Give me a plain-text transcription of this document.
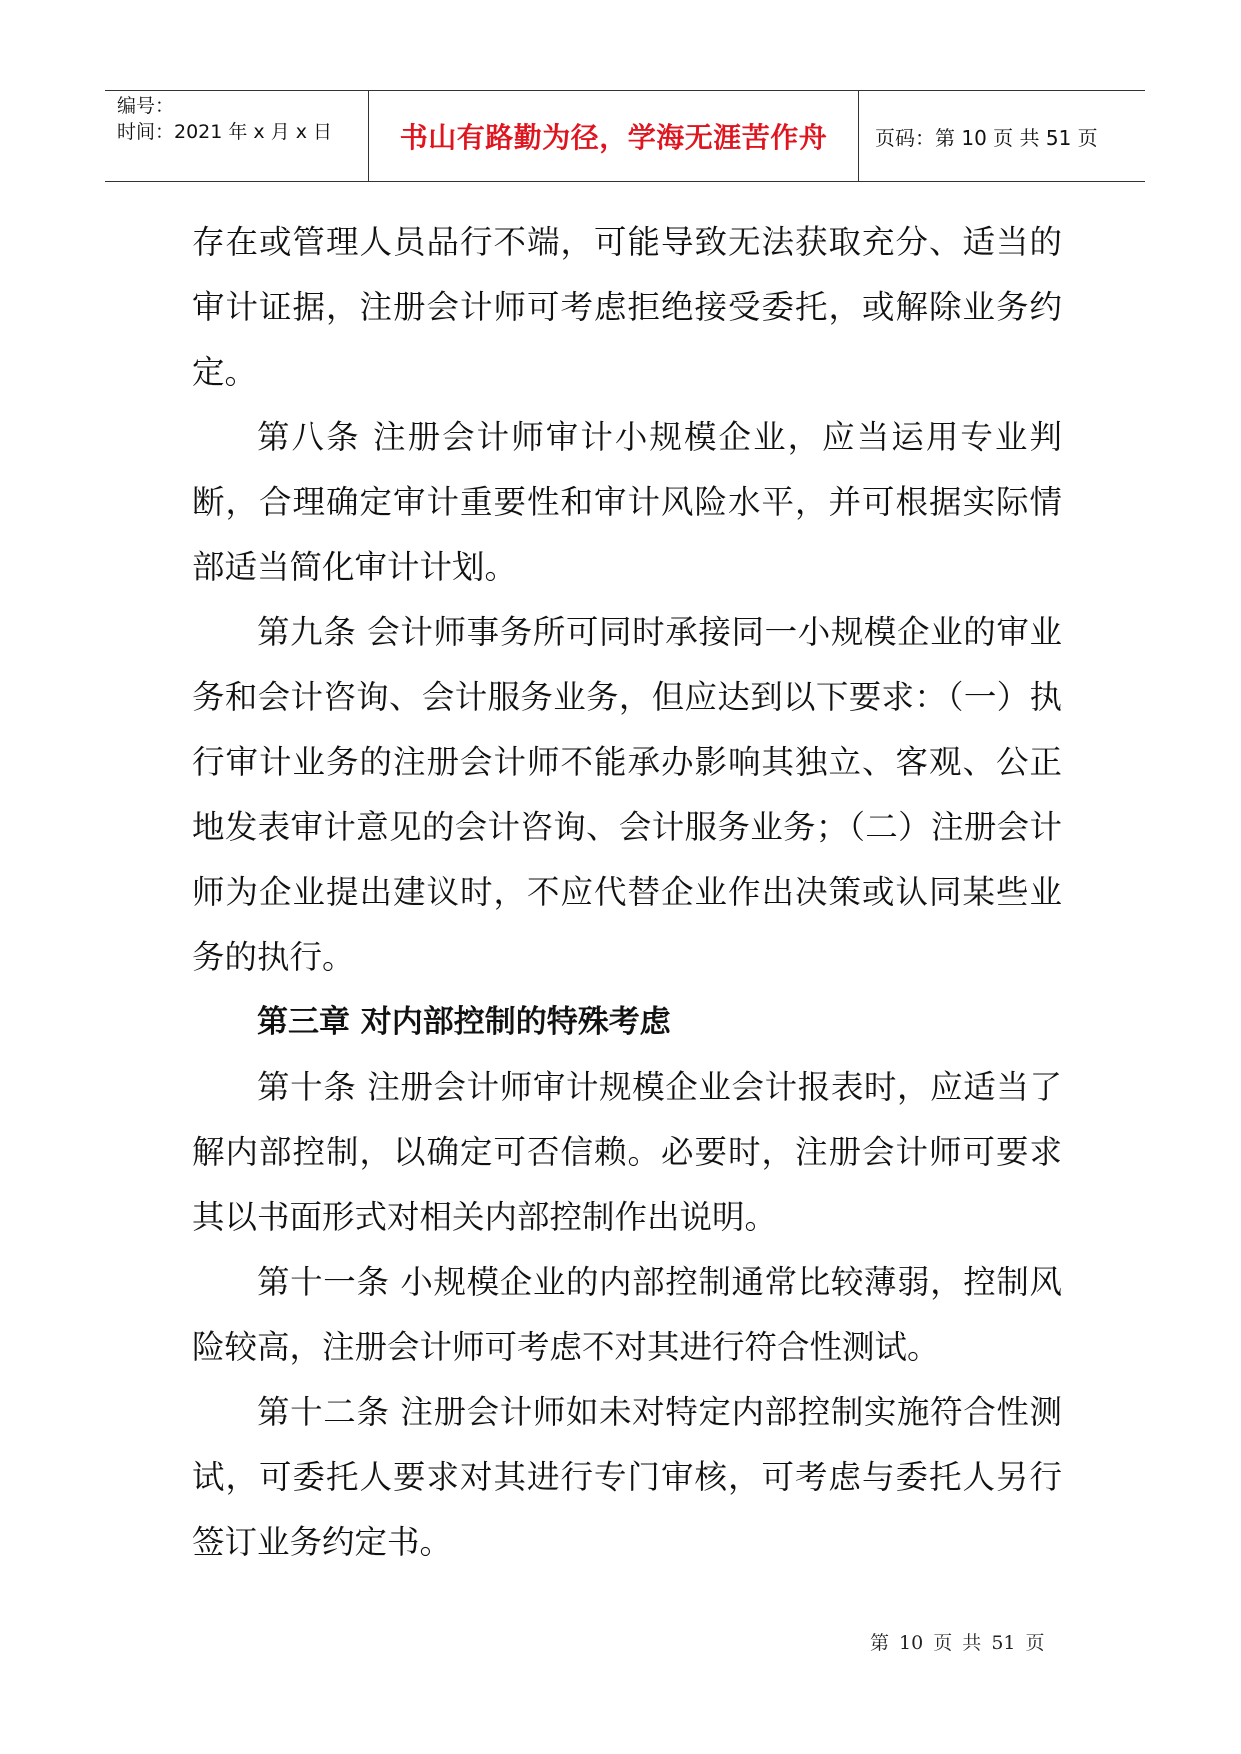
编号：
时间：2021 年 x 月 x 日 书山有路勤为径，学海无涯苦作舟 页码：第 10 页 共 51 页

存在或管理人员品行不端，可能导致无法获取充分、适当的审计证据，注册会计师可考虑拒绝接受委托，或解除业务约定。

第八条 注册会计师审计小规模企业，应当运用专业判断，合理确定审计重要性和审计风险水平，并可根据实际情部适当简化审计计划。

第九条 会计师事务所可同时承接同一小规模企业的审业务和会计咨询、会计服务业务，但应达到以下要求：（一）执行审计业务的注册会计师不能承办影响其独立、客观、公正地发表审计意见的会计咨询、会计服务业务；（二）注册会计师为企业提出建议时，不应代替企业作出决策或认同某些业务的执行。

第三章 对内部控制的特殊考虑

第十条 注册会计师审计规模企业会计报表时，应适当了解内部控制，以确定可否信赖。必要时，注册会计师可要求其以书面形式对相关内部控制作出说明。

第十一条 小规模企业的内部控制通常比较薄弱，控制风险较高，注册会计师可考虑不对其进行符合性测试。

第十二条 注册会计师如未对特定内部控制实施符合性测试，可委托人要求对其进行专门审核，可考虑与委托人另行签订业务约定书。

第 10 页 共 51 页
